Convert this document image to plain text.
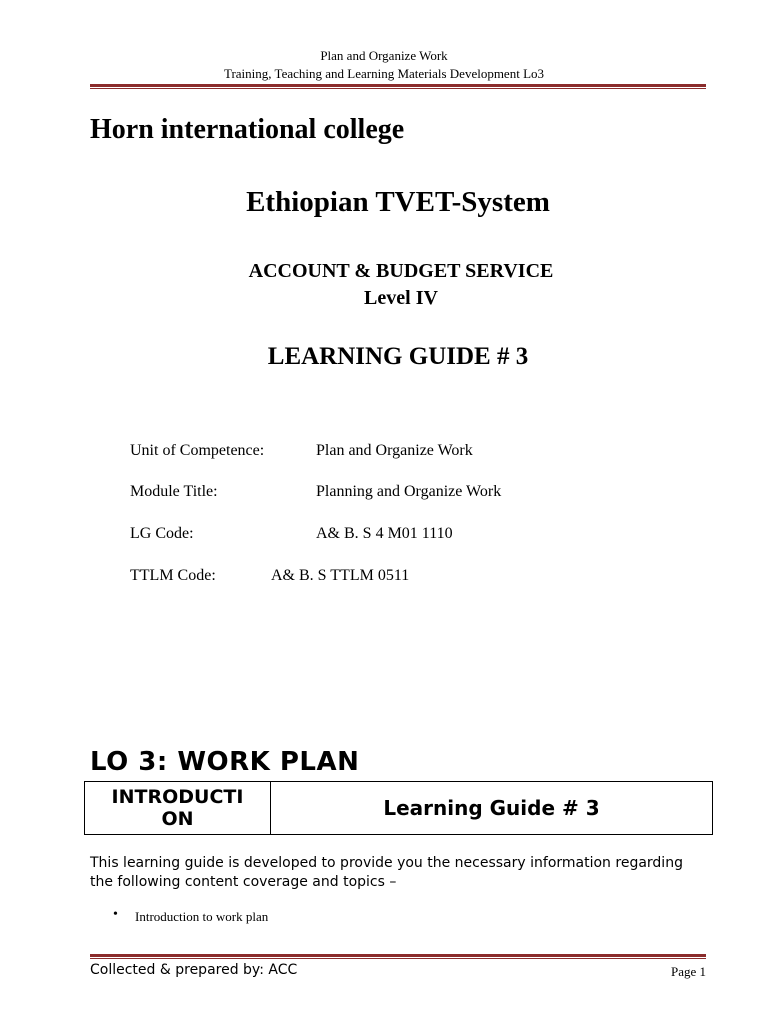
Plan and Organize Work
Training, Teaching and Learning Materials Development Lo3
Horn international college
Ethiopian TVET-System
ACCOUNT & BUDGET SERVICE
Level IV
LEARNING GUIDE # 3
Unit of Competence:	Plan and Organize Work
Module Title:	Planning and Organize Work
LG Code:	A& B. S 4 M01 1110
TTLM Code:	A& B. S TTLM 0511
LO 3: WORK PLAN
INTRODUCTI
ON	Learning Guide # 3
This learning guide is developed to provide you the necessary information regarding the following content coverage and topics –
• Introduction to work plan
Collected & prepared by: ACC	Page 1
